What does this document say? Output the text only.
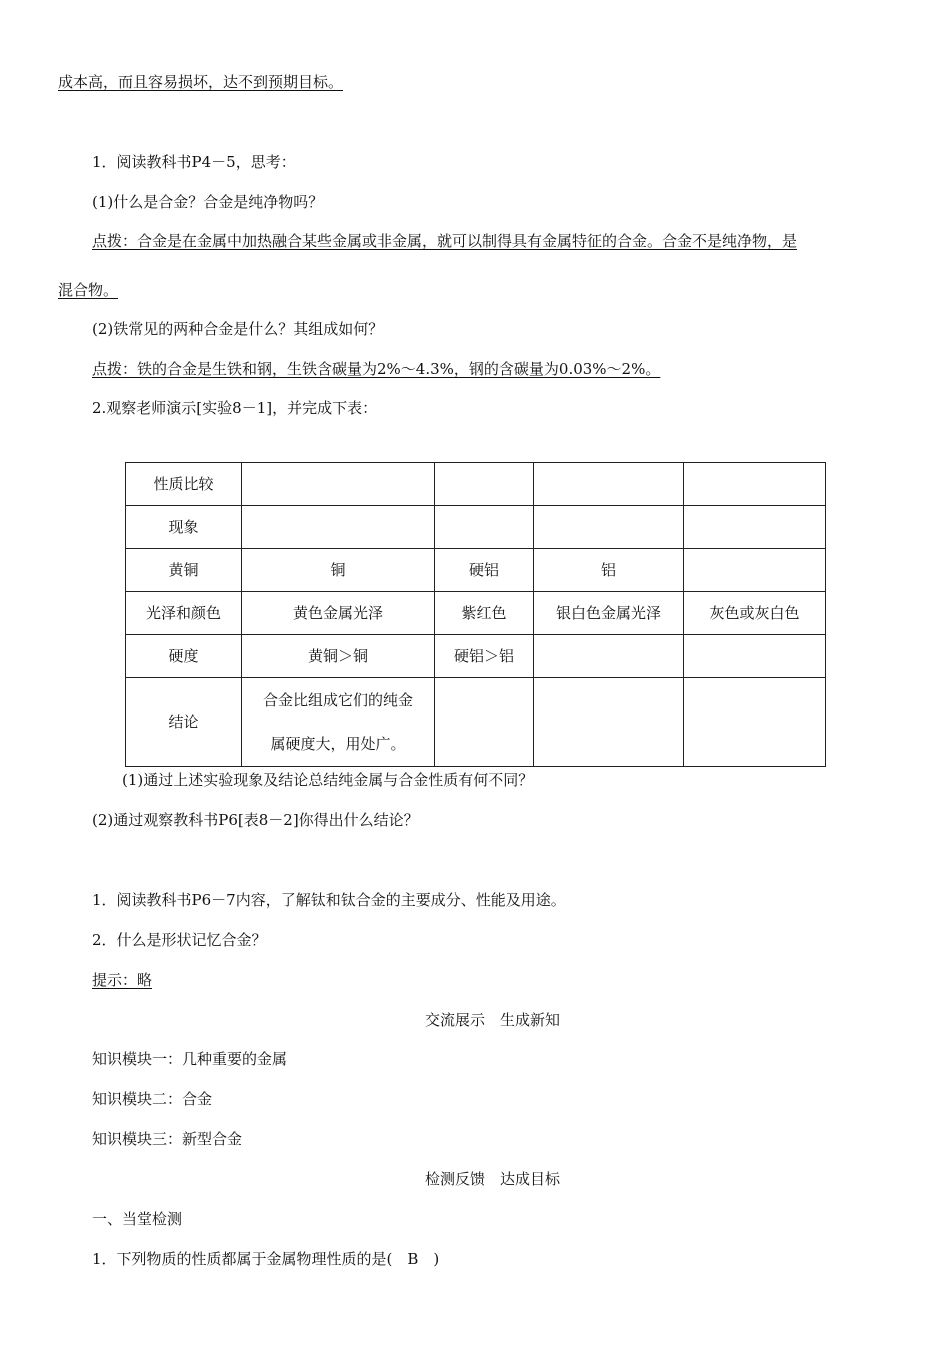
成本高，而且容易损坏，达不到预期目标。
1．阅读教科书P4－5，思考：
(1)什么是合金？合金是纯净物吗？
点拨：合金是在金属中加热融合某些金属或非金属，就可以制得具有金属特征的合金。合金不是纯净物，是
混合物。
(2)铁常见的两种合金是什么？其组成如何？
点拨：铁的合金是生铁和钢，生铁含碳量为2%～4.3%，钢的含碳量为0.03%～2%。
2.观察老师演示[实验8－1]，并完成下表：
性质比较				
现象				
黄铜	铜	硬铝	铝	
光泽和颜色	黄色金属光泽	紫红色	银白色金属光泽	灰色或灰白色
硬度	黄铜＞铜	硬铝＞铝		
结论	合金比组成它们的纯金
属硬度大，用处广。			

(1)通过上述实验现象及结论总结纯金属与合金性质有何不同？
(2)通过观察教科书P6[表8－2]你得出什么结论？
1．阅读教科书P6－7内容，了解钛和钛合金的主要成分、性能及用途。
2．什么是形状记忆合金？
提示：略
交流展示　生成新知
知识模块一：几种重要的金属
知识模块二：合金
知识模块三：新型合金
检测反馈　达成目标
一、当堂检测
1．下列物质的性质都属于金属物理性质的是(　B　)
